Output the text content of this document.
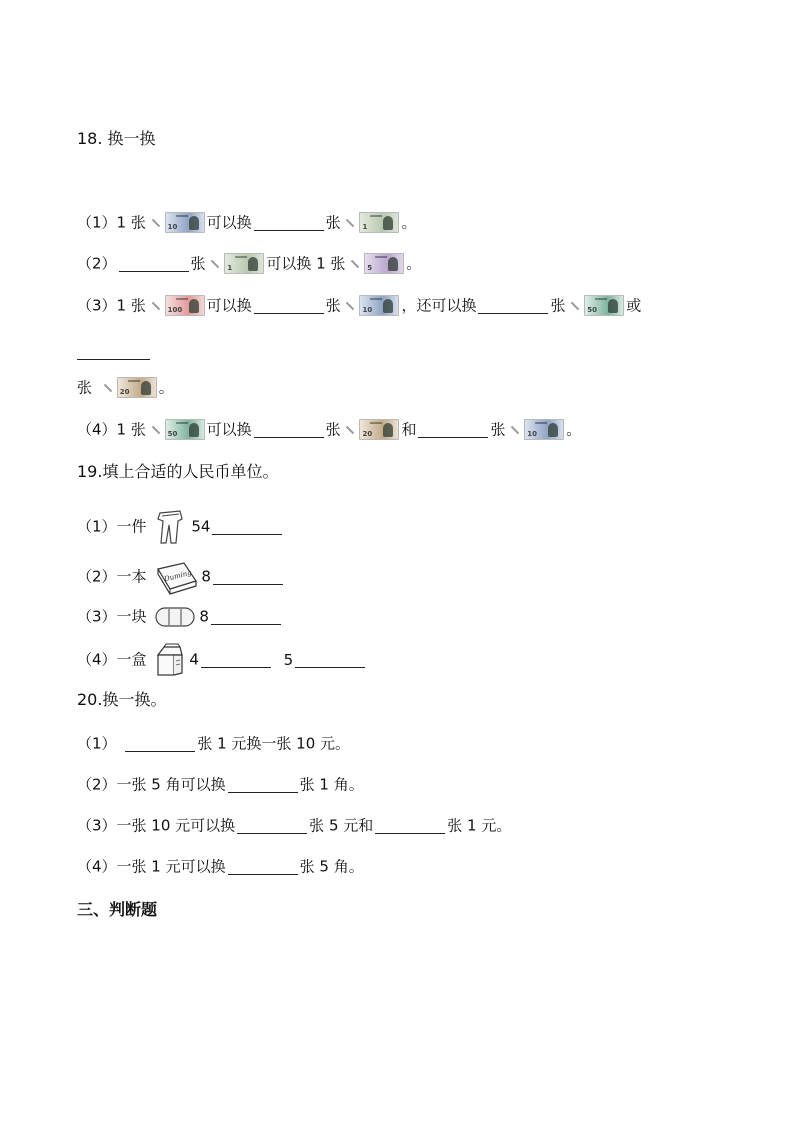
18. 换一换
（1）1 张	10 可以换	张	1 。
（2）	张	1 可以换 1 张	5 。
（3）1 张	100 可以换	张	10 ，还可以换	张	50 或
张	20 。
（4）1 张	50 可以换	张	20 和	张	10 。
19.填上合适的人民币单位。
（1）一件	54
（2）一本 Duming 8
（3）一块	8
（4）一盒	4	5
20.换一换。
（1）	张 1 元换一张 10 元。
（2）一张 5 角可以换	张 1 角。
（3）一张 10 元可以换	张 5 元和	张 1 元。
（4）一张 1 元可以换	张 5 角。
三、判断题
